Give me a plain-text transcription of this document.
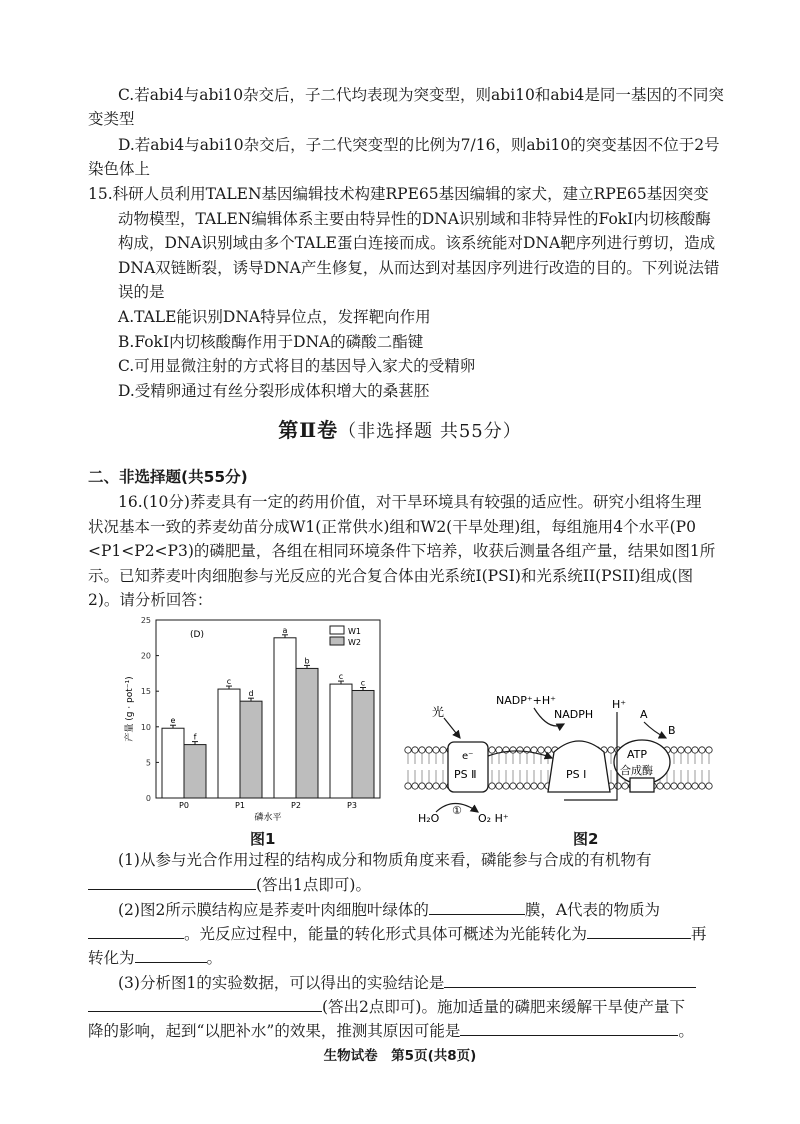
C.若abi4与abi10杂交后，子二代均表现为突变型，则abi10和abi4是同一基因的不同突
变类型
D.若abi4与abi10杂交后，子二代突变型的比例为7/16，则abi10的突变基因不位于2号
染色体上
15.科研人员利用TALEN基因编辑技术构建RPE65基因编辑的家犬，建立RPE65基因突变
动物模型，TALEN编辑体系主要由特异性的DNA识别域和非特异性的FokI内切核酸酶
构成，DNA识别域由多个TALE蛋白连接而成。该系统能对DNA靶序列进行剪切，造成
DNA双链断裂，诱导DNA产生修复，从而达到对基因序列进行改造的目的。下列说法错
误的是
A.TALE能识别DNA特异位点，发挥靶向作用
B.FokI内切核酸酶作用于DNA的磷酸二酯键
C.可用显微注射的方式将目的基因导入家犬的受精卵
D.受精卵通过有丝分裂形成体积增大的桑葚胚
第Ⅱ卷（非选择题 共55分）
二、非选择题(共55分)
16.(10分)荞麦具有一定的药用价值，对干旱环境具有较强的适应性。研究小组将生理
状况基本一致的荞麦幼苗分成W1(正常供水)组和W2(干旱处理)组，每组施用4个水平(P0
<P1<P2<P3)的磷肥量，各组在相同环境条件下培养，收获后测量各组产量，结果如图1所
示。已知荞麦叶肉细胞参与光反应的光合复合体由光系统I(PSI)和光系统II(PSII)组成(图
2)。请分析回答：
0
5
10
15
20
25
产量 (g · pot⁻¹)
磷水平
(D)
P0
e
f
P1
c
d
P2
a
b
P3
c
c
W1
W2
图1
e⁻
PS Ⅱ	PS Ⅰ
ATP
合成酶
光
NADP⁺+H⁺
NADPH
H⁺
A
B
①
H₂O	O₂ H⁺
图2
(1)从参与光合作用过程的结构成分和物质角度来看，磷能参与合成的有机物有
(答出1点即可)。
(2)图2所示膜结构应是荞麦叶肉细胞叶绿体的	膜，A代表的物质为
。光反应过程中，能量的转化形式具体可概述为光能转化为	再
转化为	。
(3)分析图1的实验数据，可以得出的实验结论是
(答出2点即可)。施加适量的磷肥来缓解干旱使产量下
降的影响，起到“以肥补水”的效果，推测其原因可能是	。
生物试卷　第5页(共8页)
